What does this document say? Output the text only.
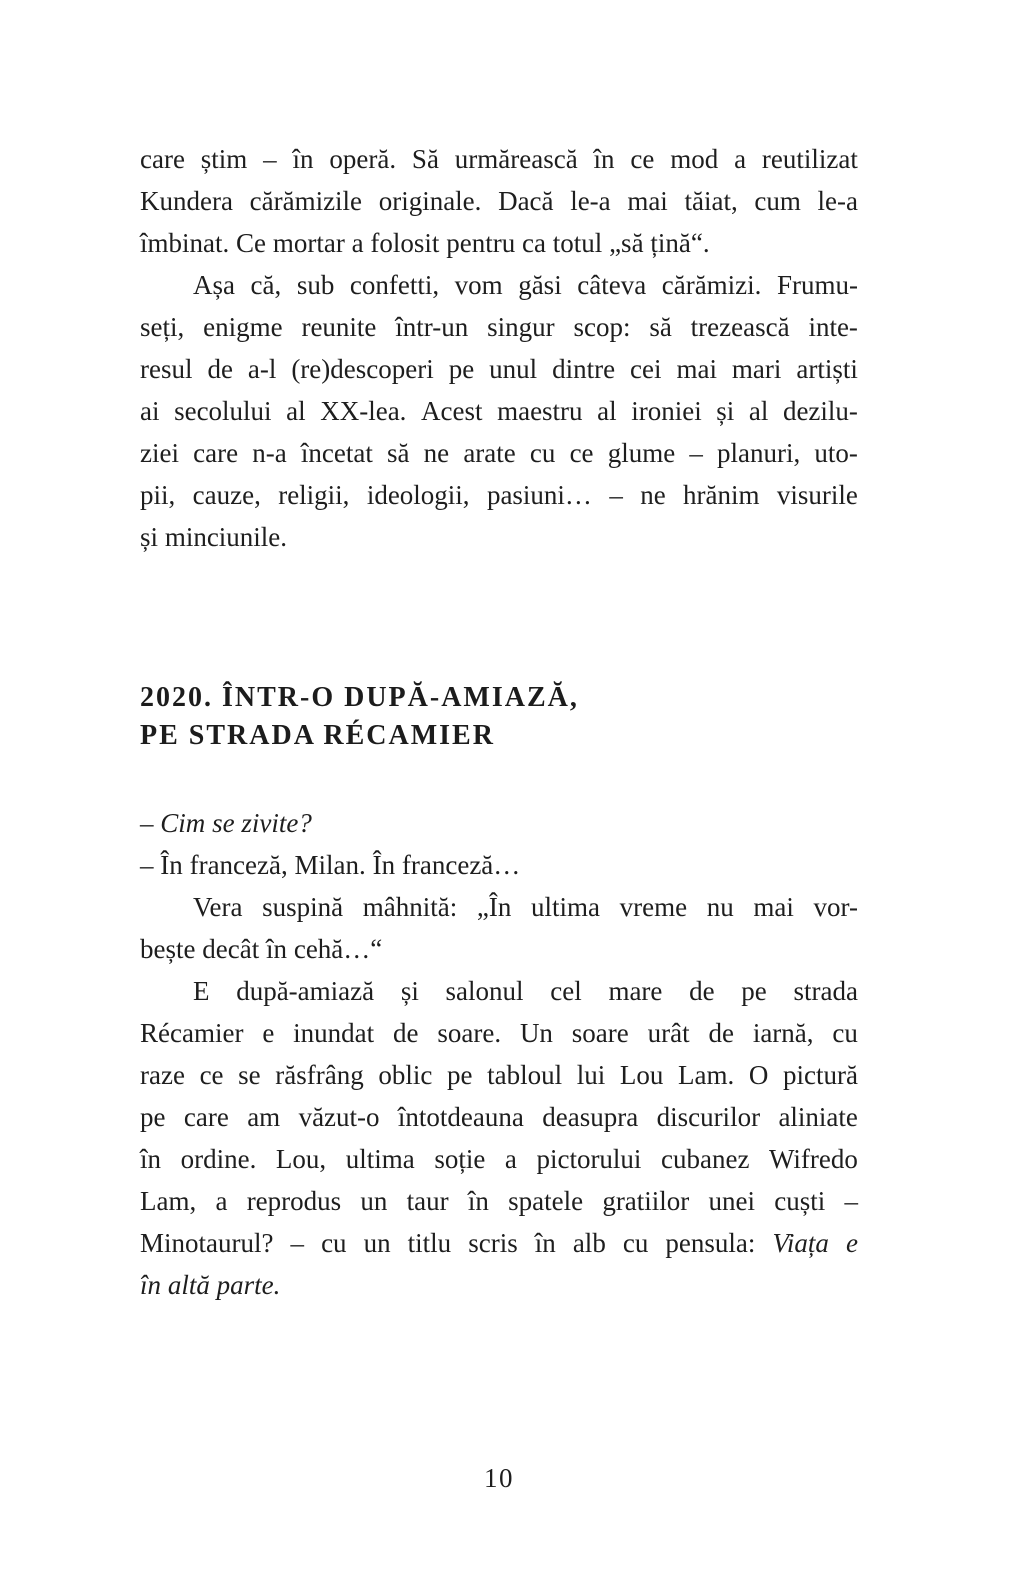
care știm – în operă. Să urmărească în ce mod a reutilizat
Kundera cărămizile originale. Dacă le-a mai tăiat, cum le-a
îmbinat. Ce mortar a folosit pentru ca totul „să țină“.
Așa că, sub confetti, vom găsi câteva cărămizi. Frumu-
seți, enigme reunite într-un singur scop: să trezească inte-
resul de a-l (re)descoperi pe unul dintre cei mai mari artiști
ai secolului al XX-lea. Acest maestru al ironiei și al dezilu-
ziei care n-a încetat să ne arate cu ce glume – planuri, uto-
pii, cauze, religii, ideologii, pasiuni… – ne hrănim visurile
și minciunile.
2020. ÎNTR-O DUPĂ-AMIAZĂ,
PE STRADA RÉCAMIER
– Cim se zivite?
– În franceză, Milan. În franceză…
Vera suspină mâhnită: „În ultima vreme nu mai vor-
bește decât în cehă…“
E după-amiază și salonul cel mare de pe strada
Récamier e inundat de soare. Un soare urât de iarnă, cu
raze ce se răsfrâng oblic pe tabloul lui Lou Lam. O pictură
pe care am văzut-o întotdeauna deasupra discurilor aliniate
în ordine. Lou, ultima soție a pictorului cubanez Wifredo
Lam, a reprodus un taur în spatele gratiilor unei cuști –
Minotaurul? – cu un titlu scris în alb cu pensula: Viața e
în altă parte.
10
